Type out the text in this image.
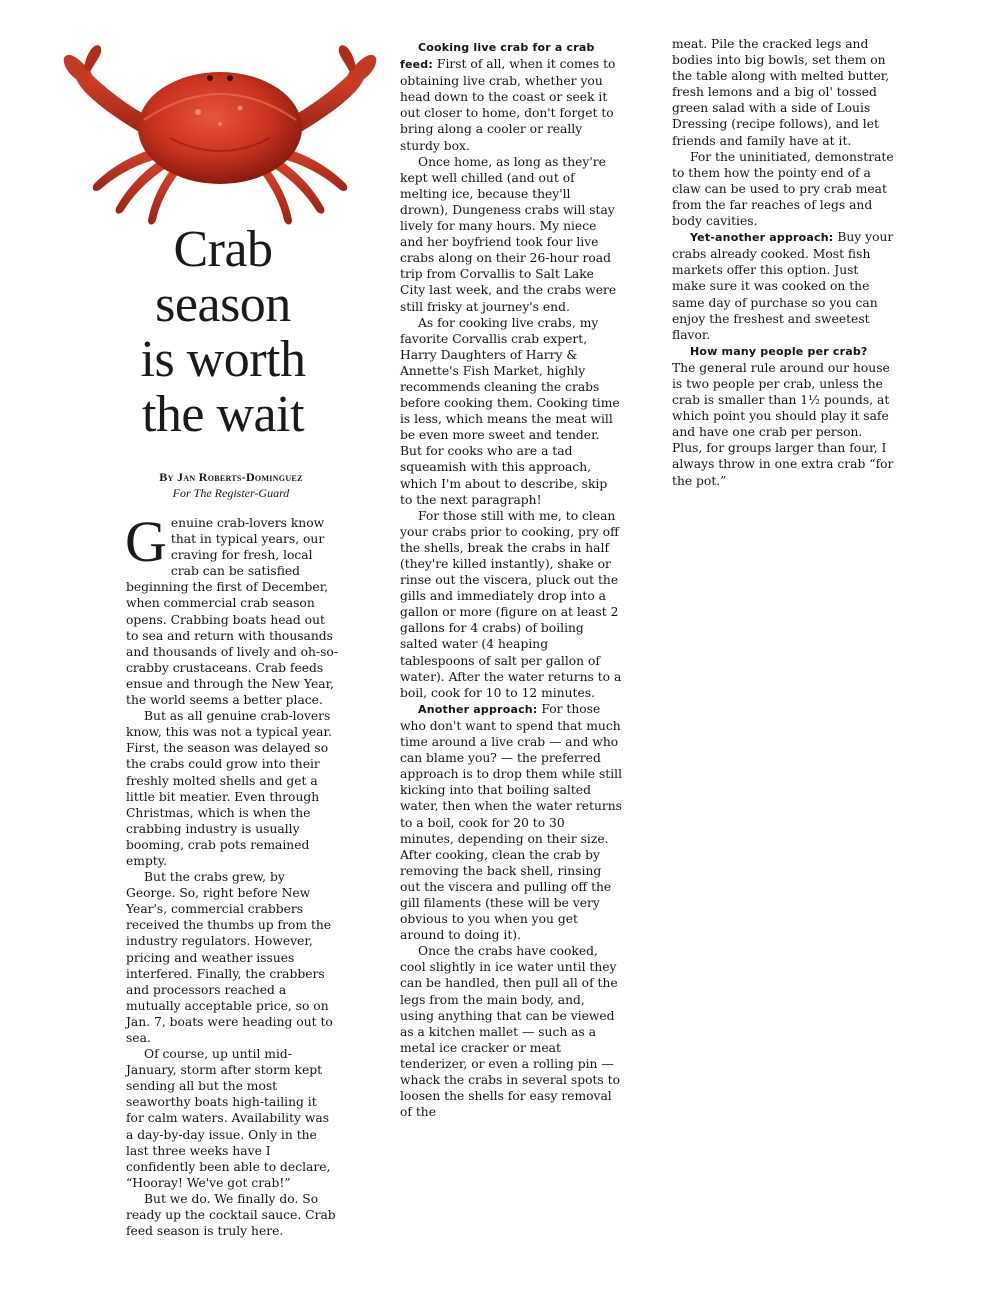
Crab
season
is worth
the wait
By Jan Roberts-Dominguez
For The Register-Guard

Genuine crab-lovers know that in typical years, our craving for fresh, local crab can be satisfied beginning the first of December, when commercial crab season opens. Crabbing boats head out to sea and return with thousands and thousands of lively and oh-so-crabby crustaceans. Crab feeds ensue and through the New Year, the world seems a better place.

But as all genuine crab-lovers know, this was not a typical year. First, the season was delayed so the crabs could grow into their freshly molted shells and get a little bit meatier. Even through Christmas, which is when the crabbing industry is usually booming, crab pots remained empty.

But the crabs grew, by George. So, right before New Year's, commercial crabbers received the thumbs up from the industry regulators. However, pricing and weather issues interfered. Finally, the crabbers and processors reached a mutually acceptable price, so on Jan. 7, boats were heading out to sea.

Of course, up until mid-January, storm after storm kept sending all but the most seaworthy boats high-tailing it for calm waters. Availability was a day-by-day issue. Only in the last three weeks have I confidently been able to declare, “Hooray! We've got crab!”

But we do. We finally do. So ready up the cocktail sauce. Crab feed season is truly here.

Cooking live crab for a crab feed: First of all, when it comes to obtaining live crab, whether you head down to the coast or seek it out closer to home, don't forget to bring along a cooler or really sturdy box.

Once home, as long as they're kept well chilled (and out of melting ice, because they'll drown), Dungeness crabs will stay lively for many hours. My niece and her boyfriend took four live crabs along on their 26-hour road trip from Corvallis to Salt Lake City last week, and the crabs were still frisky at journey's end.

As for cooking live crabs, my favorite Corvallis crab expert, Harry Daughters of Harry & Annette's Fish Market, highly recommends cleaning the crabs before cooking them. Cooking time is less, which means the meat will be even more sweet and tender. But for cooks who are a tad squeamish with this approach, which I'm about to describe, skip to the next paragraph!

For those still with me, to clean your crabs prior to cooking, pry off the shells, break the crabs in half (they're killed instantly), shake or rinse out the viscera, pluck out the gills and immediately drop into a gallon or more (figure on at least 2 gallons for 4 crabs) of boiling salted water (4 heaping tablespoons of salt per gallon of water). After the water returns to a boil, cook for 10 to 12 minutes.

Another approach: For those who don't want to spend that much time around a live crab — and who can blame you? — the preferred approach is to drop them while still kicking into that boiling salted water, then when the water returns to a boil, cook for 20 to 30 minutes, depending on their size. After cooking, clean the crab by removing the back shell, rinsing out the viscera and pulling off the gill filaments (these will be very obvious to you when you get around to doing it).

Once the crabs have cooked, cool slightly in ice water until they can be handled, then pull all of the legs from the main body, and, using anything that can be viewed as a kitchen mallet — such as a metal ice cracker or meat tenderizer, or even a rolling pin — whack the crabs in several spots to loosen the shells for easy removal of the

meat. Pile the cracked legs and bodies into big bowls, set them on the table along with melted butter, fresh lemons and a big ol' tossed green salad with a side of Louis Dressing (recipe follows), and let friends and family have at it.

For the uninitiated, demonstrate to them how the pointy end of a claw can be used to pry crab meat from the far reaches of legs and body cavities.

Yet-another approach: Buy your crabs already cooked. Most fish markets offer this option. Just make sure it was cooked on the same day of purchase so you can enjoy the freshest and sweetest flavor.

How many people per crab? The general rule around our house is two people per crab, unless the crab is smaller than 1½ pounds, at which point you should play it safe and have one crab per person. Plus, for groups larger than four, I always throw in one extra crab “for the pot.”
